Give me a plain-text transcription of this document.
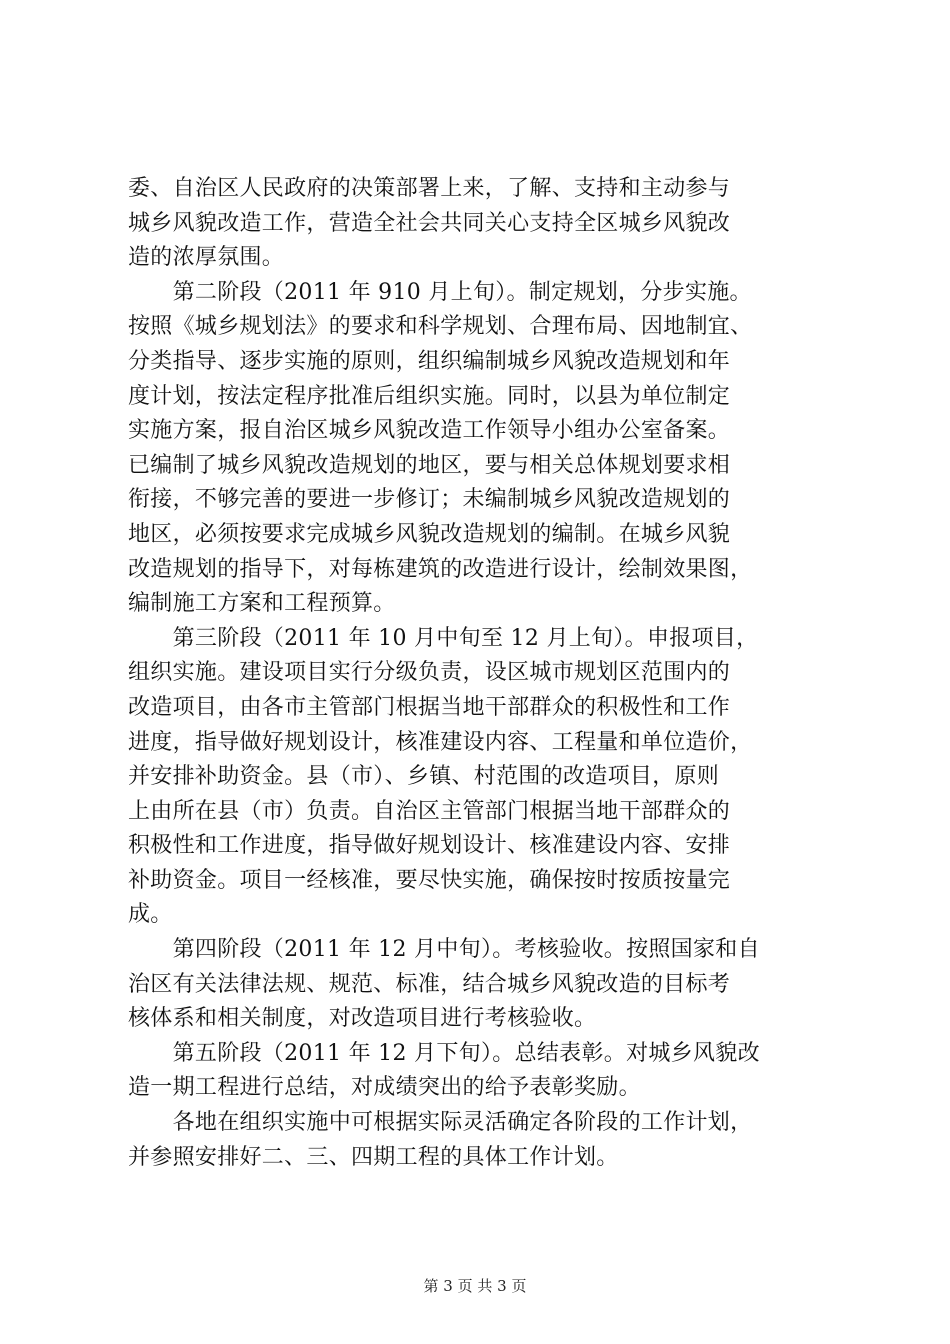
委、自治区人民政府的决策部署上来，了解、支持和主动参与

城乡风貌改造工作，营造全社会共同关心支持全区城乡风貌改

造的浓厚氛围。

　　第二阶段（2011 年 910 月上旬）。制定规划，分步实施。

按照《城乡规划法》的要求和科学规划、合理布局、因地制宜、

分类指导、逐步实施的原则，组织编制城乡风貌改造规划和年

度计划，按法定程序批准后组织实施。同时，以县为单位制定

实施方案，报自治区城乡风貌改造工作领导小组办公室备案。

已编制了城乡风貌改造规划的地区，要与相关总体规划要求相

衔接，不够完善的要进一步修订；未编制城乡风貌改造规划的

地区，必须按要求完成城乡风貌改造规划的编制。在城乡风貌

改造规划的指导下，对每栋建筑的改造进行设计，绘制效果图，

编制施工方案和工程预算。

　　第三阶段（2011 年 10 月中旬至 12 月上旬）。申报项目，

组织实施。建设项目实行分级负责，设区城市规划区范围内的

改造项目，由各市主管部门根据当地干部群众的积极性和工作

进度，指导做好规划设计，核准建设内容、工程量和单位造价，

并安排补助资金。县（市）、乡镇、村范围的改造项目，原则

上由所在县（市）负责。自治区主管部门根据当地干部群众的

积极性和工作进度，指导做好规划设计、核准建设内容、安排

补助资金。项目一经核准，要尽快实施，确保按时按质按量完

成。

　　第四阶段（2011 年 12 月中旬）。考核验收。按照国家和自

治区有关法律法规、规范、标准，结合城乡风貌改造的目标考

核体系和相关制度，对改造项目进行考核验收。

　　第五阶段（2011 年 12 月下旬）。总结表彰。对城乡风貌改

造一期工程进行总结，对成绩突出的给予表彰奖励。

　　各地在组织实施中可根据实际灵活确定各阶段的工作计划，

并参照安排好二、三、四期工程的具体工作计划。

第 3 页 共 3 页
